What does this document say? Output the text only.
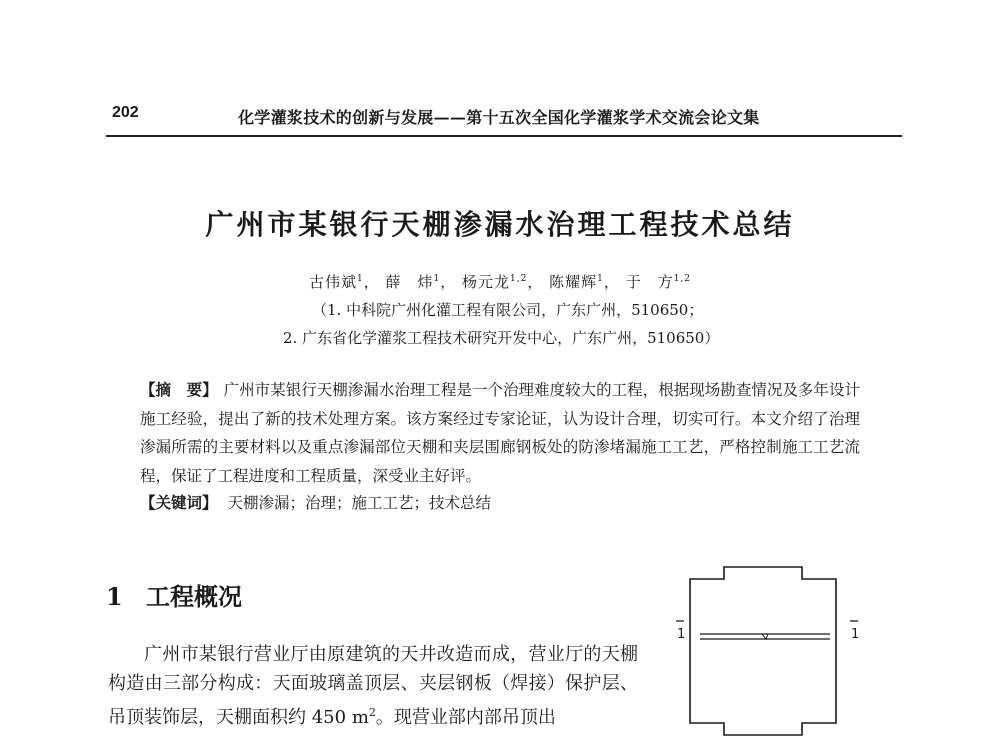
202	化学灌浆技术的创新与发展——第十五次全国化学灌浆学术交流会论文集
广州市某银行天棚渗漏水治理工程技术总结
古伟斌$^1$， 薛　炜$^1$， 杨元龙$^{1,2}$， 陈耀辉$^1$， 于　方$^{1,2}$
（1. 中科院广州化灌工程有限公司，广东广州，510650；
2. 广东省化学灌浆工程技术研究开发中心，广东广州，510650）
【摘　要】 广州市某银行天棚渗漏水治理工程是一个治理难度较大的工程，根据现场勘查情况及多年设计施工经验，提出了新的技术处理方案。该方案经过专家论证，认为设计合理，切实可行。本文介绍了治理渗漏所需的主要材料以及重点渗漏部位天棚和夹层围廊钢板处的防渗堵漏施工工艺，严格控制施工工艺流程，保证了工程进度和工程质量，深受业主好评。
【关键词】 天棚渗漏；治理；施工工艺；技术总结
1 工程概况
广州市某银行营业厅由原建筑的天井改造而成，营业厅的天棚构造由三部分构成：天面玻璃盖顶层、夹层钢板（焊接）保护层、吊顶装饰层，天棚面积约 450 $m^2$。现营业部内部吊顶出
1	1
